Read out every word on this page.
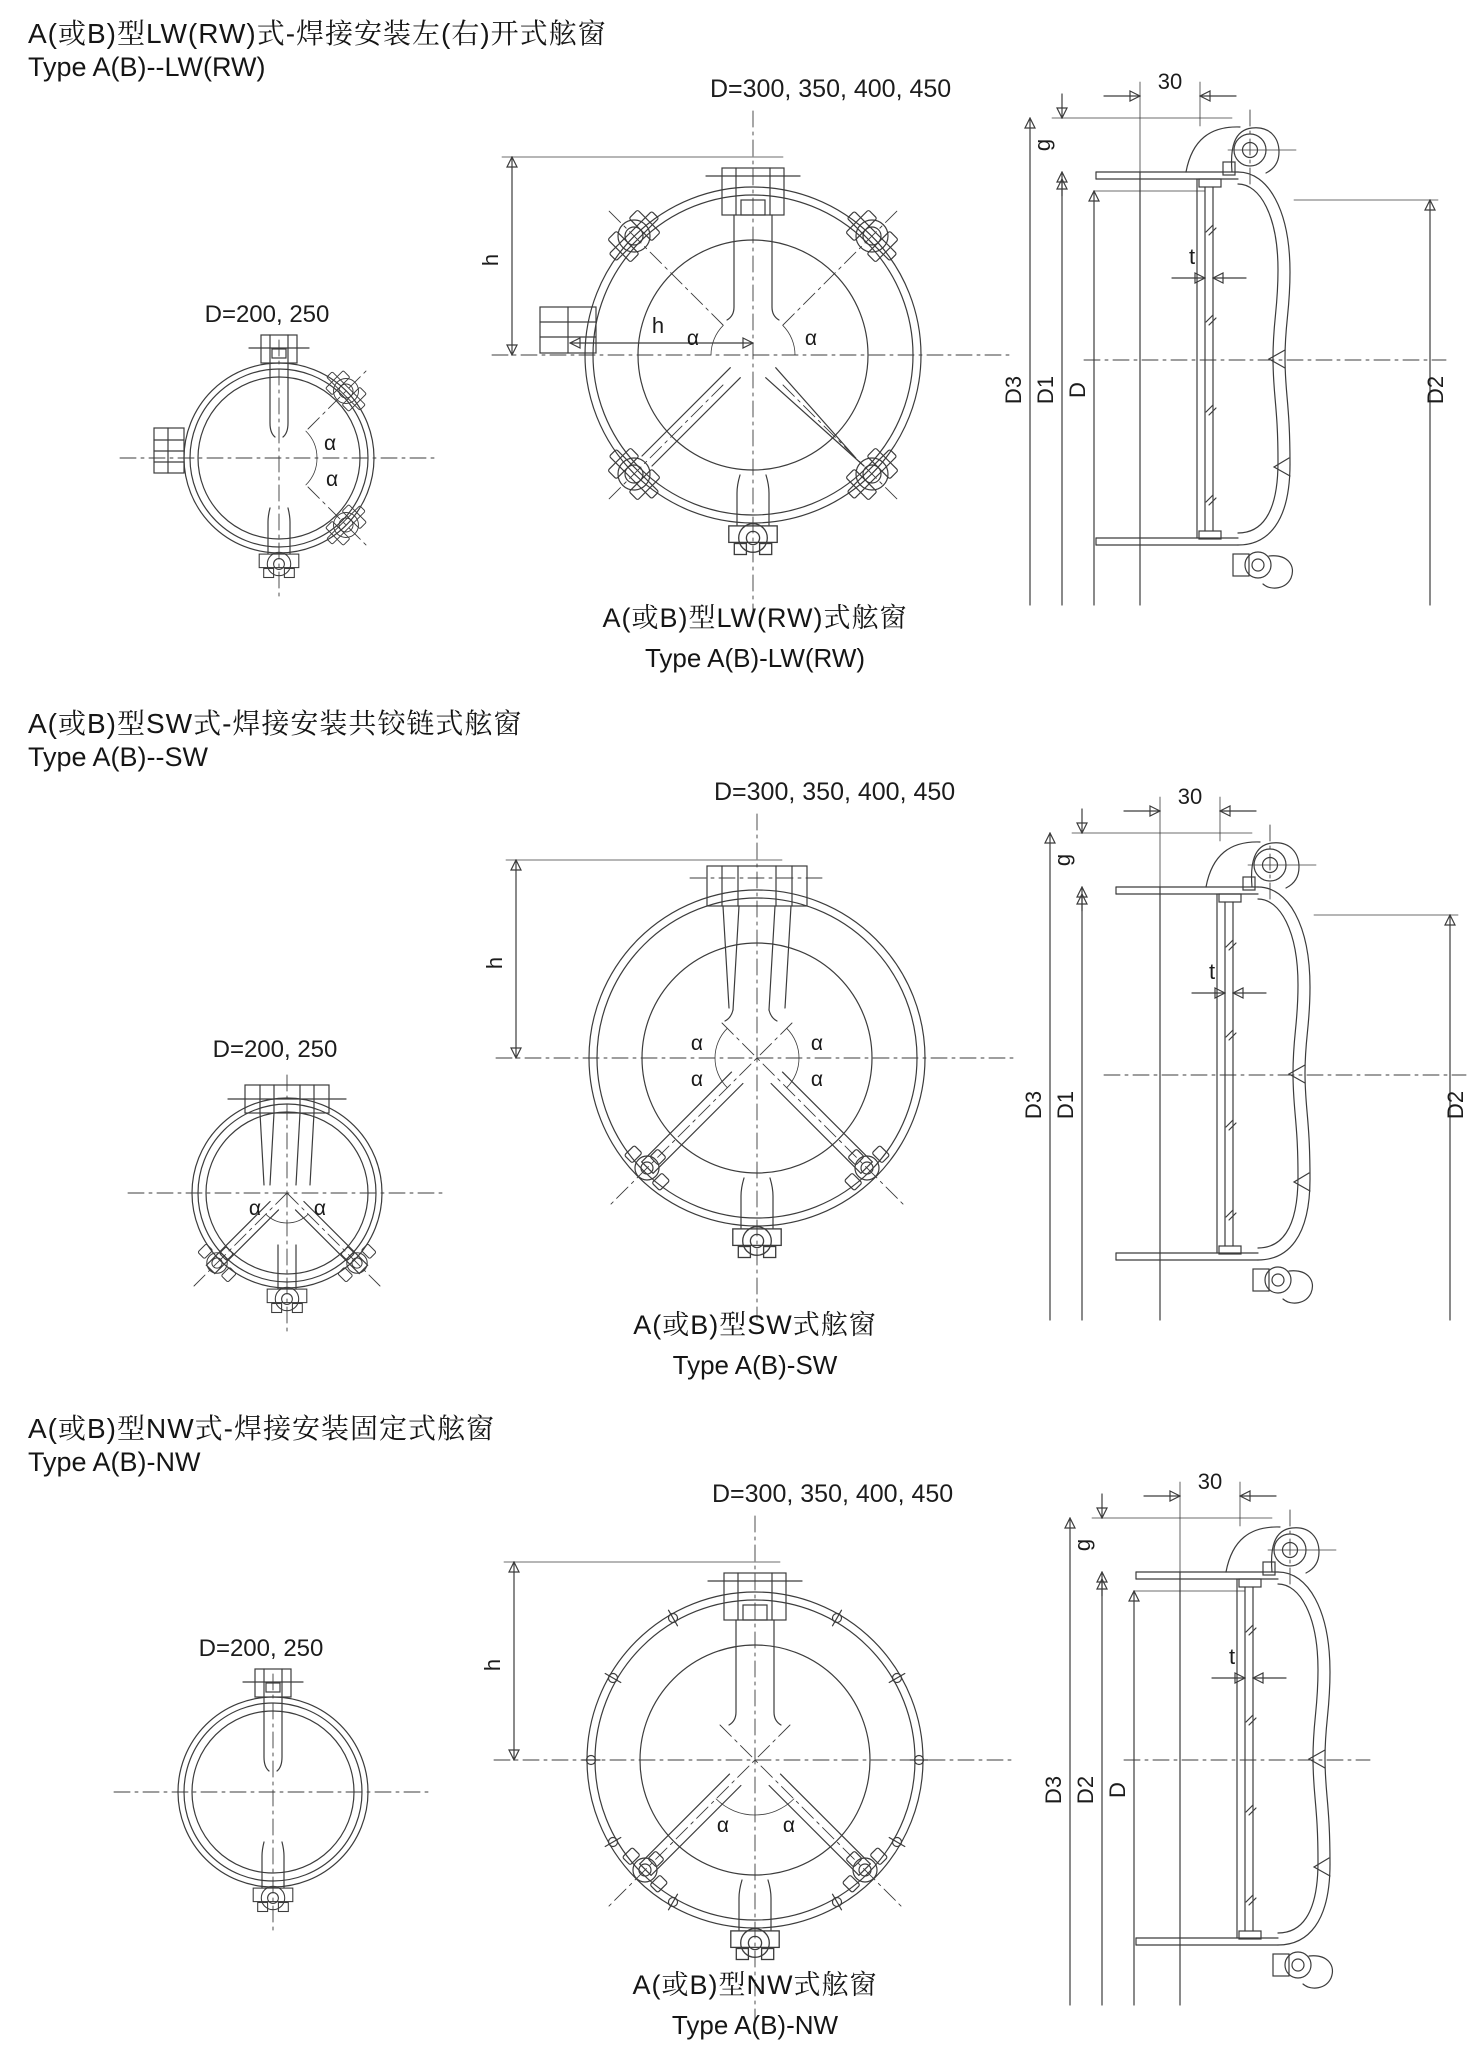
A(或B)型LW(RW)式-焊接安装左(右)开式舷窗
Type A(B)--LW(RW)
D=200, 250
α
α
D=300, 350, 400, 450
h
h
α	α
30
g
t
D3 D1 D	D2
A(或B)型LW(RW)式舷窗
Type A(B)-LW(RW)
A(或B)型SW式-焊接安装共铰链式舷窗
Type A(B)--SW
D=200, 250
α	α
D=300, 350, 400, 450
h
α
α
α
α
30
g
t
D3 D1	D2
A(或B)型SW式舷窗
Type A(B)-SW
A(或B)型NW式-焊接安装固定式舷窗
Type A(B)-NW
D=200, 250
D=300, 350, 400, 450
h
α	α
30
g
t
D3 D2 D
A(或B)型NW式舷窗
Type A(B)-NW
